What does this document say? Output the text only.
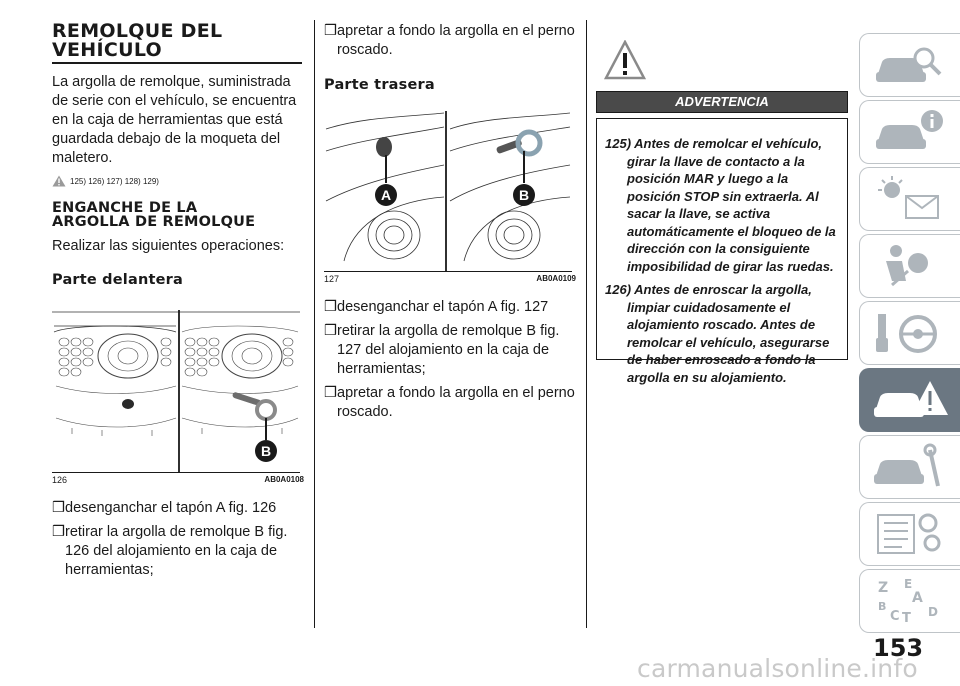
REMOLQUE DEL
VEHÍCULO

La argolla de remolque, suministrada de serie con el vehículo, se encuentra en la caja de herramientas que está guardada debajo de la moqueta del maletero.

125) 126) 127) 128) 129)
ENGANCHE DE LA
ARGOLLA DE REMOLQUE

Realizar las siguientes operaciones:

Parte delantera
B
126	AB0A0108
❒ desenganchar el tapón A fig. 126
❒ retirar la argolla de remolque B fig. 126 del alojamiento en la caja de herramientas;
❒ apretar a fondo la argolla en el perno roscado.
Parte trasera
A	B
127	AB0A0109
❒ desenganchar el tapón A fig. 127
❒ retirar la argolla de remolque B fig. 127 del alojamiento en la caja de herramientas;
❒ apretar a fondo la argolla en el perno roscado.
ADVERTENCIA
125) Antes de remolcar el vehículo, girar la llave de contacto a la posición MAR y luego a la posición STOP sin extraerla. Al sacar la llave, se activa automáticamente el bloqueo de la dirección con la consiguiente imposibilidad de girar las ruedas.
126) Antes de enroscar la argolla, limpiar cuidadosamente el alojamiento roscado. Antes de remolcar el vehículo, asegurarse de haber enroscado a fondo la argolla en su alojamiento.
Z E
A
B
C T D
153
carmanualsonline.info
